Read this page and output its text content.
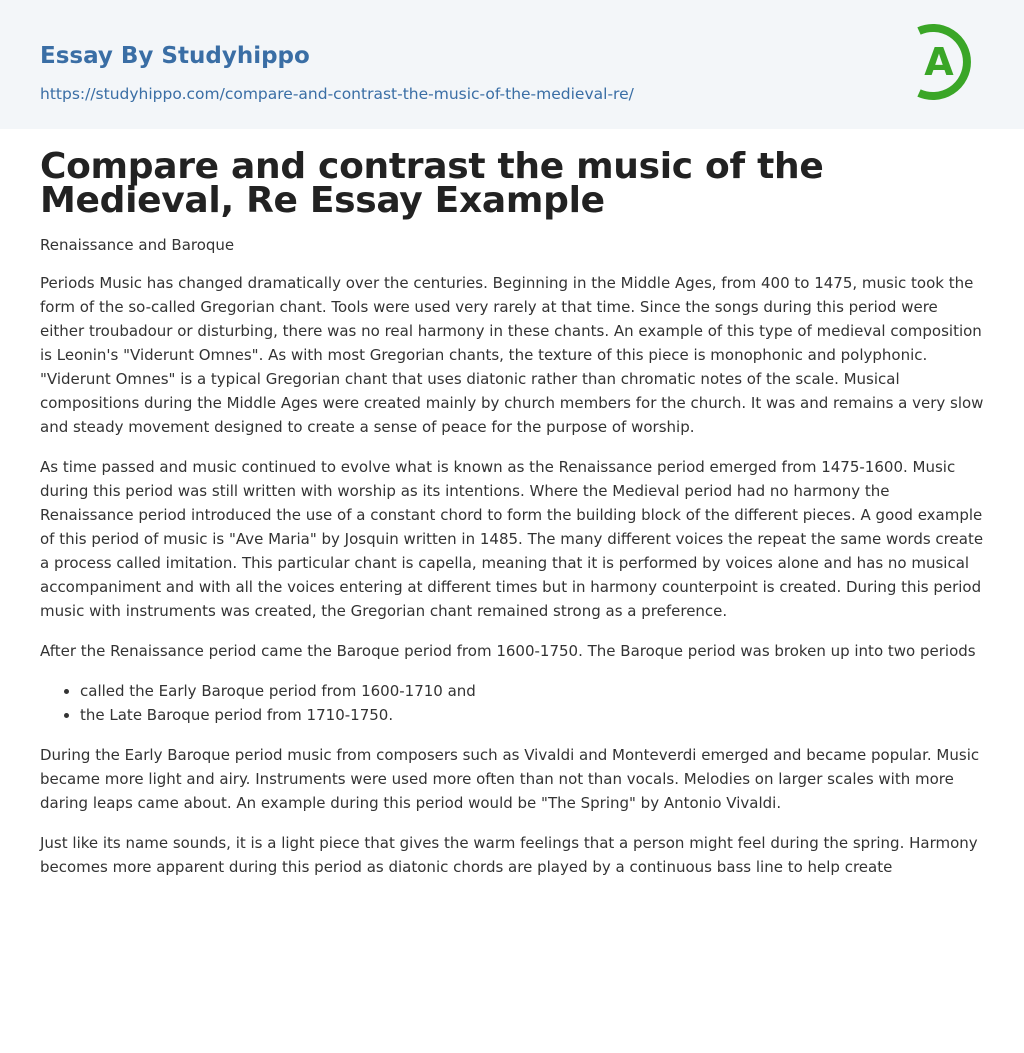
Essay By Studyhippo
https://studyhippo.com/compare-and-contrast-the-music-of-the-medieval-re/
A
Compare and contrast the music of the Medieval, Re Essay Example
Renaissance and Baroque

Periods Music has changed dramatically over the centuries. Beginning in the Middle Ages, from 400 to 1475, music took the form of the so-called Gregorian chant. Tools were used very rarely at that time. Since the songs during this period were either troubadour or disturbing, there was no real harmony in these chants. An example of this type of medieval composition is Leonin's "Viderunt Omnes". As with most Gregorian chants, the texture of this piece is monophonic and polyphonic. "Viderunt Omnes" is a typical Gregorian chant that uses diatonic rather than chromatic notes of the scale. Musical compositions during the Middle Ages were created mainly by church members for the church. It was and remains a very slow and steady movement designed to create a sense of peace for the purpose of worship.

As time passed and music continued to evolve what is known as the Renaissance period emerged from 1475-1600. Music during this period was still written with worship as its intentions. Where the Medieval period had no harmony the Renaissance period introduced the use of a constant chord to form the building block of the different pieces. A good example of this period of music is "Ave Maria" by Josquin written in 1485. The many different voices the repeat the same words create a process called imitation. This particular chant is capella, meaning that it is performed by voices alone and has no musical accompaniment and with all the voices entering at different times but in harmony counterpoint is created. During this period music with instruments was created, the Gregorian chant remained strong as a preference.

After the Renaissance period came the Baroque period from 1600-1750. The Baroque period was broken up into two periods

• called the Early Baroque period from 1600-1710 and
• the Late Baroque period from 1710-1750.

During the Early Baroque period music from composers such as Vivaldi and Monteverdi emerged and became popular. Music became more light and airy. Instruments were used more often than not than vocals. Melodies on larger scales with more daring leaps came about. An example during this period would be "The Spring" by Antonio Vivaldi.

Just like its name sounds, it is a light piece that gives the warm feelings that a person might feel during the spring. Harmony becomes more apparent during this period as diatonic chords are played by a continuous bass line to help create
